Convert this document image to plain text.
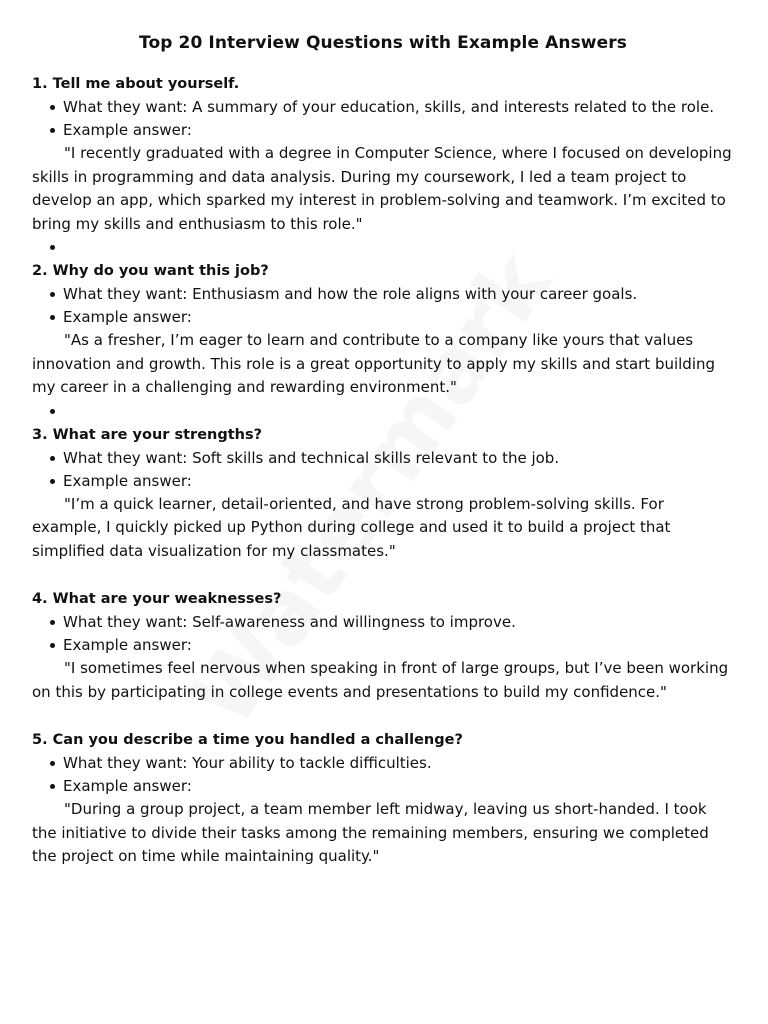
Top 20 Interview Questions with Example Answers
1. Tell me about yourself.
What they want: A summary of your education, skills, and interests related to the role.
Example answer:

"I recently graduated with a degree in Computer Science, where I focused on developing skills in programming and data analysis. During my coursework, I led a team project to develop an app, which sparked my interest in problem-solving and teamwork. I’m excited to bring my skills and enthusiasm to this role."

2. Why do you want this job?
What they want: Enthusiasm and how the role aligns with your career goals.
Example answer:

"As a fresher, I’m eager to learn and contribute to a company like yours that values innovation and growth. This role is a great opportunity to apply my skills and start building my career in a challenging and rewarding environment."

3. What are your strengths?
What they want: Soft skills and technical skills relevant to the job.
Example answer:

"I’m a quick learner, detail-oriented, and have strong problem-solving skills. For example, I quickly picked up Python during college and used it to build a project that simplified data visualization for my classmates."

4. What are your weaknesses?
What they want: Self-awareness and willingness to improve.
Example answer:

"I sometimes feel nervous when speaking in front of large groups, but I’ve been working on this by participating in college events and presentations to build my confidence."

5. Can you describe a time you handled a challenge?
What they want: Your ability to tackle difficulties.
Example answer:

"During a group project, a team member left midway, leaving us short-handed. I took the initiative to divide their tasks among the remaining members, ensuring we completed the project on time while maintaining quality."
